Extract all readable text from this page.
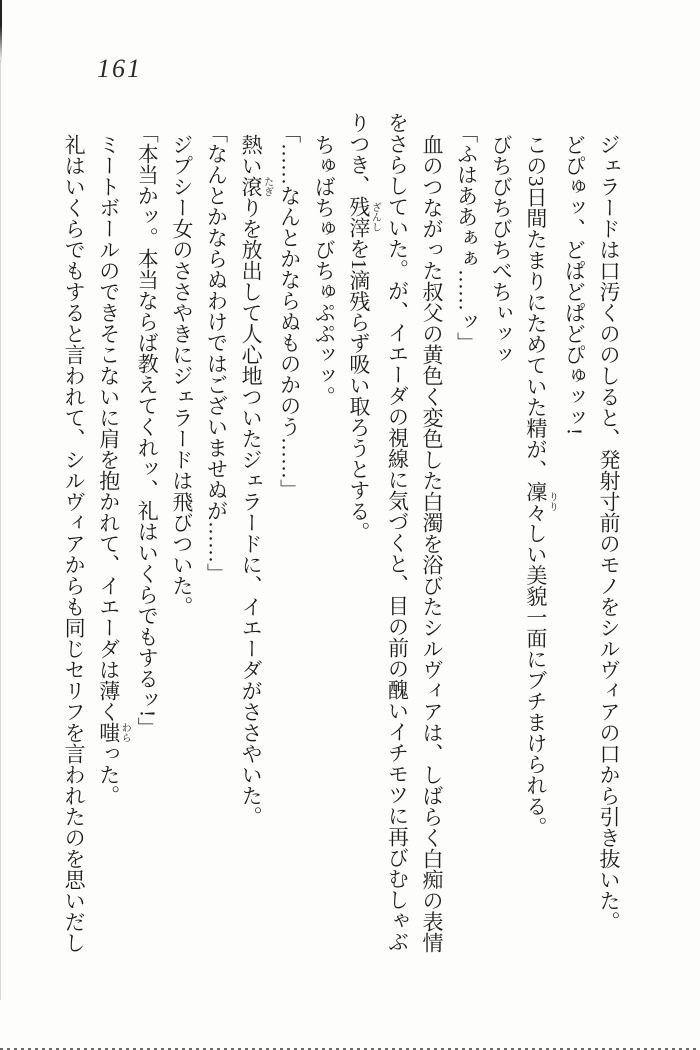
161

ジェラードは口汚くののしると、発射寸前のモノをシルヴィアの口から引き抜いた。

どぴゅッ、どぱどぱどぴゅッッ!

この3日間たまりにためていた精が、凜々りりしい美貌一面にブチまけられる。

びちびちびちべちぃッッ

「ふはああぁぁ……ッ」

血のつながった叔父の黄色く変色した白濁を浴びたシルヴィアは、しばらく白痴の表情

をさらしていた。が、イエーダの視線に気づくと、目の前の醜いイチモツに再びむしゃぶ

りつき、残滓ざんしを1滴残らず吸い取ろうとする。

ちゅばちゅびちゅぷぷッッ。

「……なんとかならぬものかのう……」

熱い滾たぎりを放出して人心地ついたジェラードに、イエーダがささやいた。

「なんとかならぬわけではございませぬが……」

ジプシー女のささやきにジェラードは飛びついた。

「本当かッ。本当ならば教えてくれッ、礼はいくらでもするッ!」

ミートボールのできそこないに肩を抱かれて、イエーダは薄く嗤わらった。

礼はいくらでもすると言われて、シルヴィアからも同じセリフを言われたのを思いだし
